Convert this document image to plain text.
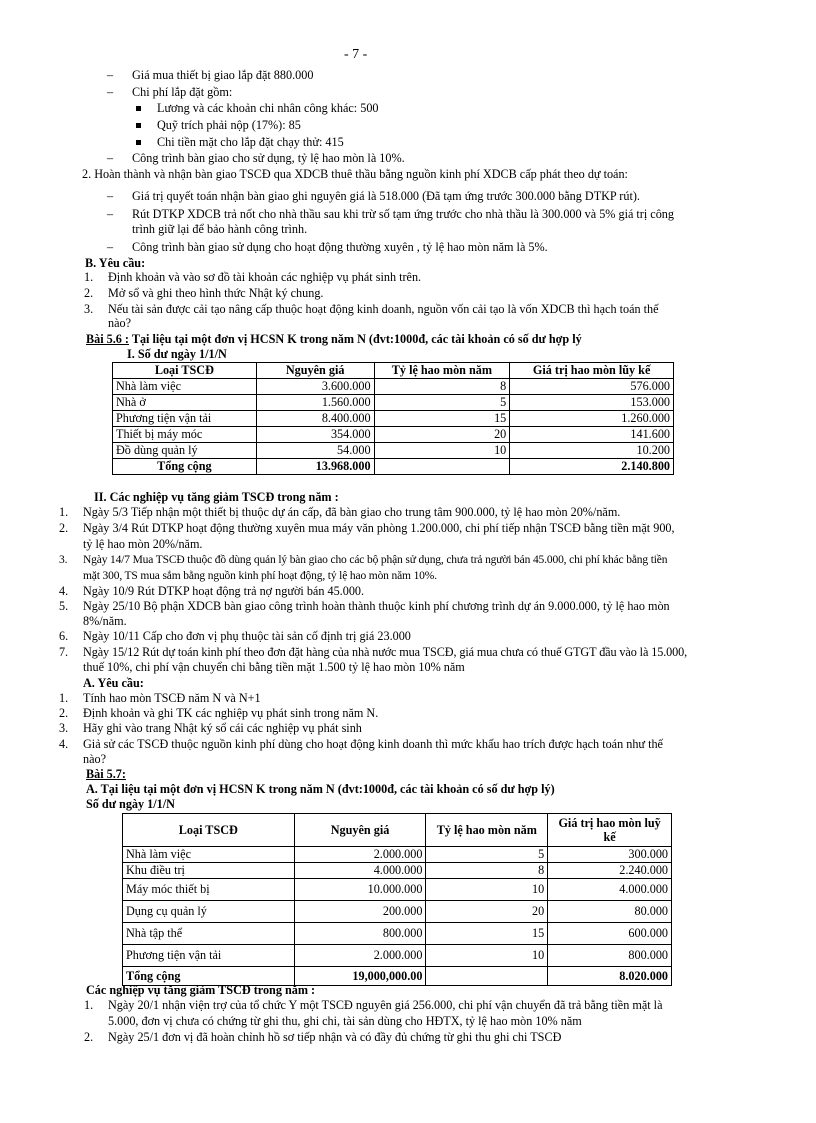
- 7 -
– Giá mua thiết bị giao lắp đặt 880.000
– Chi phí lắp đặt gồm:
Lương và các khoản chi nhân công khác: 500
Quỹ trích phải nộp (17%): 85
Chi tiền mặt cho lắp đặt chạy thử: 415
– Công trình bàn giao cho sử dụng, tỷ lệ hao mòn là 10%.
2. Hoàn thành và nhận bàn giao TSCĐ qua XDCB thuê thầu bằng nguồn kinh phí XDCB cấp phát theo dự toán:
– Giá trị quyết toán nhận bàn giao ghi nguyên giá là 518.000 (Đã tạm ứng trước 300.000 bằng DTKP rút).
– Rút DTKP XDCB trả nốt cho nhà thầu sau khi trừ số tạm ứng trước cho nhà thầu là 300.000 và 5% giá trị công
trình giữ lại để bảo hành công trình.
– Công trình bàn giao sử dụng cho hoạt động thường xuyên , tỷ lệ hao mòn năm là 5%.
B. Yêu cầu:
1. Định khoản và vào sơ đồ tài khoản các nghiệp vụ phát sinh trên.
2. Mở sổ và ghi theo hình thức Nhật ký chung.
3. Nếu tài sản được cải tạo nâng cấp thuộc hoạt động kinh doanh, nguồn vốn cải tạo là vốn XDCB thì hạch toán thế
nào?
Bài 5.6 : Tại liệu tại một đơn vị HCSN K trong năm N (đvt:1000đ, các tài khoản có số dư hợp lý
I. Số dư ngày 1/1/N
Loại TSCĐ	Nguyên giá	Tỷ lệ hao mòn năm	Giá trị hao mòn lũy kế
Nhà làm việc	3.600.000	8	576.000
Nhà ở	1.560.000	5	153.000
Phương tiện vận tải	8.400.000	15	1.260.000
Thiết bị máy móc	354.000	20	141.600
Đồ dùng quản lý	54.000	10	10.200
Tổng cộng	13.968.000		2.140.800
II. Các nghiệp vụ tăng giảm TSCĐ trong năm :
1. Ngày 5/3 Tiếp nhận một thiết bị thuộc dự án cấp, đã bàn giao cho trung tâm 900.000, tỷ lệ hao mòn 20%/năm.
2. Ngày 3/4 Rút DTKP hoạt động thường xuyên mua máy văn phòng 1.200.000, chi phí tiếp nhận TSCĐ bằng tiền mặt 900,
tỷ lệ hao mòn 20%/năm.
3. Ngày 14/7 Mua TSCĐ thuộc đồ dùng quản lý bàn giao cho các bộ phận sử dụng, chưa trả người bán 45.000, chi phí khác bằng tiền
mặt 300, TS mua sắm bằng nguồn kinh phí hoạt động, tỷ lệ hao mòn năm 10%.
4. Ngày 10/9 Rút DTKP hoạt động trả nợ người bán 45.000.
5. Ngày 25/10 Bộ phận XDCB bàn giao công trình hoàn thành thuộc kinh phí chương trình dự án 9.000.000, tỷ lệ hao mòn
8%/năm.
6. Ngày 10/11 Cấp cho đơn vị phụ thuộc tài sản cố định trị giá 23.000
7. Ngày 15/12 Rút dự toán kinh phí theo đơn đặt hàng của nhà nước mua TSCĐ, giá mua chưa có thuế GTGT đầu vào là 15.000,
thuế 10%, chi phí vận chuyển chi bằng tiền mặt 1.500 tỷ lệ hao mòn 10% năm
A. Yêu cầu:
1. Tính hao mòn TSCĐ năm N và N+1
2. Định khoản và ghi TK các nghiệp vụ phát sinh trong năm N.
3. Hãy ghi vào trang Nhật ký sổ cái các nghiệp vụ phát sinh
4. Giả sử các TSCĐ thuộc nguồn kinh phí dùng cho hoạt động kinh doanh thì mức khấu hao trích được hạch toán như thế
nào?
Bài 5.7:
A. Tại liệu tại một đơn vị HCSN K trong năm N (đvt:1000đ, các tài khoản có số dư hợp lý)
Số dư ngày 1/1/N
Loại TSCĐ	Nguyên giá	Tỷ lệ hao mòn năm	Giá trị hao mòn luỹ kế
Nhà làm việc	2.000.000	5	300.000
Khu điều trị	4.000.000	8	2.240.000
Máy móc thiết bị	10.000.000	10	4.000.000
Dụng cụ quản lý	200.000	20	80.000
Nhà tập thể	800.000	15	600.000
Phương tiện vận tải	2.000.000	10	800.000
Tổng cộng	19,000,000.00		8.020.000
Các nghiệp vụ tăng giảm TSCĐ trong năm :
1. Ngày 20/1 nhận viện trợ của tổ chức Y một TSCĐ nguyên giá 256.000, chi phí vận chuyển đã trả bằng tiền mặt là
5.000, đơn vị chưa có chứng từ ghi thu, ghi chi, tài sản dùng cho HĐTX, tỷ lệ hao mòn 10% năm
2. Ngày 25/1 đơn vị đã hoàn chỉnh hồ sơ tiếp nhận và có đầy đủ chứng từ ghi thu ghi chi TSCĐ
